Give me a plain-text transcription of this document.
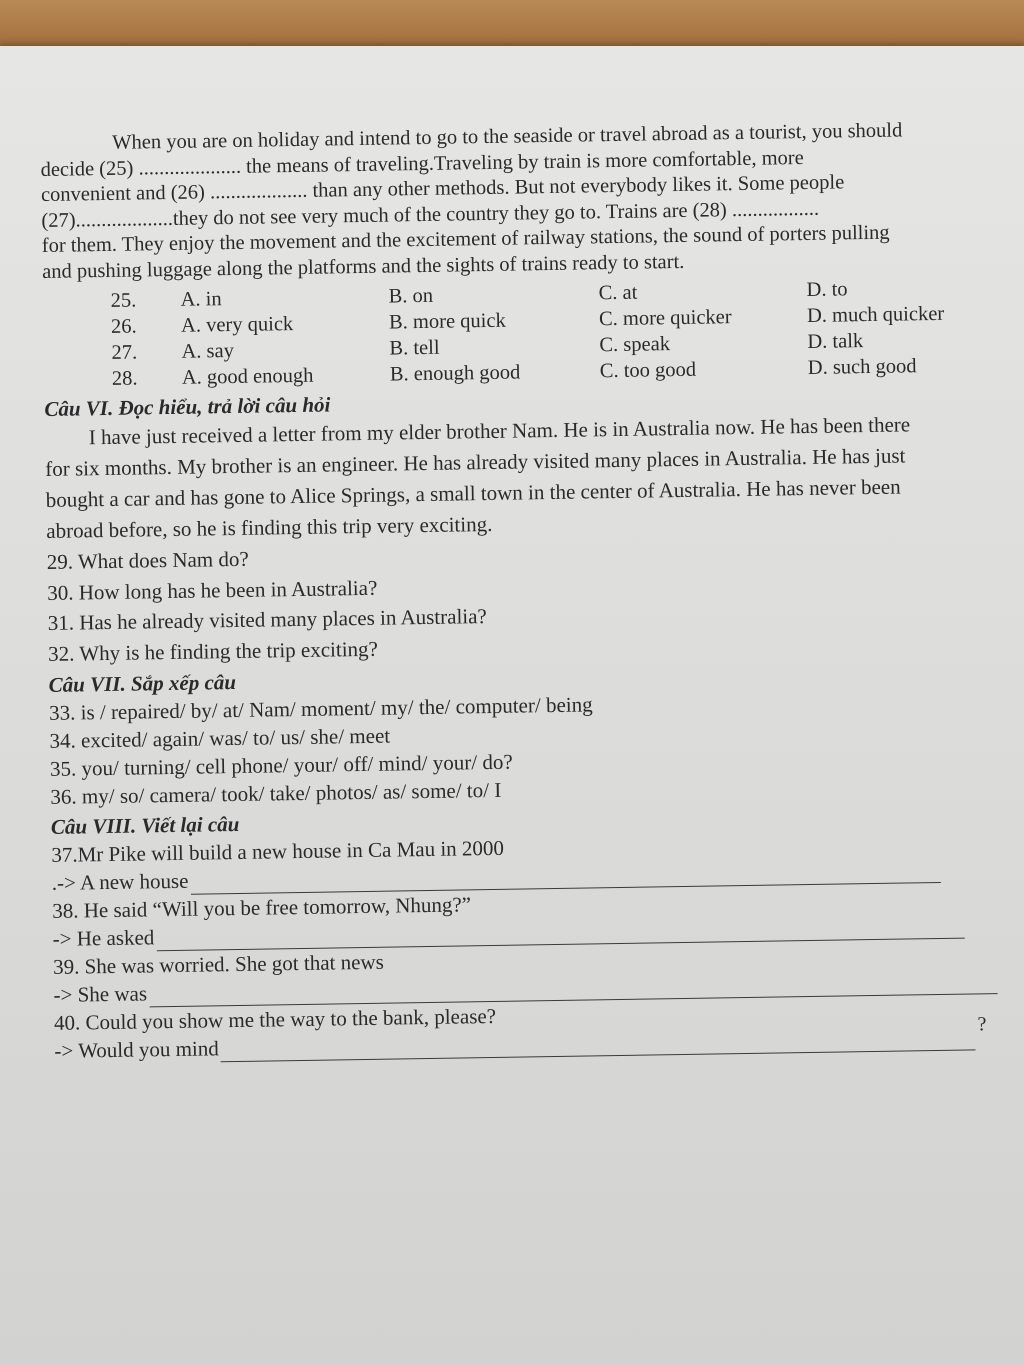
When you are on holiday and intend to go to the seaside or travel abroad as a tourist, you should

decide (25) .................... the means of traveling.Traveling by train is more comfortable, more

convenient and (26) ................... than any other methods. But not everybody likes it. Some people

(27)...................they do not see very much of the country they go to. Trains are (28) .................

for them. They enjoy the movement and the excitement of railway stations, the sound of porters pulling

and pushing luggage along the platforms and the sights of trains ready to start.

25.	A. in	B. on	C. at	D. to
26.	A. very quick	B. more quick	C. more quicker	D. much quicker
27.	A. say	B. tell	C. speak	D. talk
28.	A. good enough	B. enough good	C. too good	D. such good
Câu VI. Đọc hiểu, trả lời câu hỏi

I have just received a letter from my elder brother Nam. He is in Australia now. He has been there

for six months. My brother is an engineer. He has already visited many places in Australia. He has just

bought a car and has gone to Alice Springs, a small town in the center of Australia. He has never been

abroad before, so he is finding this trip very exciting.

29. What does Nam do?
30. How long has he been in Australia?
31. Has he already visited many places in Australia?
32. Why is he finding the trip exciting?
Câu VII. Sắp xếp câu
33. is / repaired/ by/ at/ Nam/ moment/ my/ the/ computer/ being
34. excited/ again/ was/ to/ us/ she/ meet
35. you/ turning/ cell phone/ your/ off/ mind/ your/ do?
36. my/ so/ camera/ took/ take/ photos/ as/ some/ to/ I
Câu VIII. Viết lại câu
37.Mr Pike will build a new house in Ca Mau in 2000
.-> A new house
38. He said “Will you be free tomorrow, Nhung?”
-> He asked
39. She was worried. She got that news
-> She was
40. Could you show me the way to the bank, please?
-> Would you mind
?
